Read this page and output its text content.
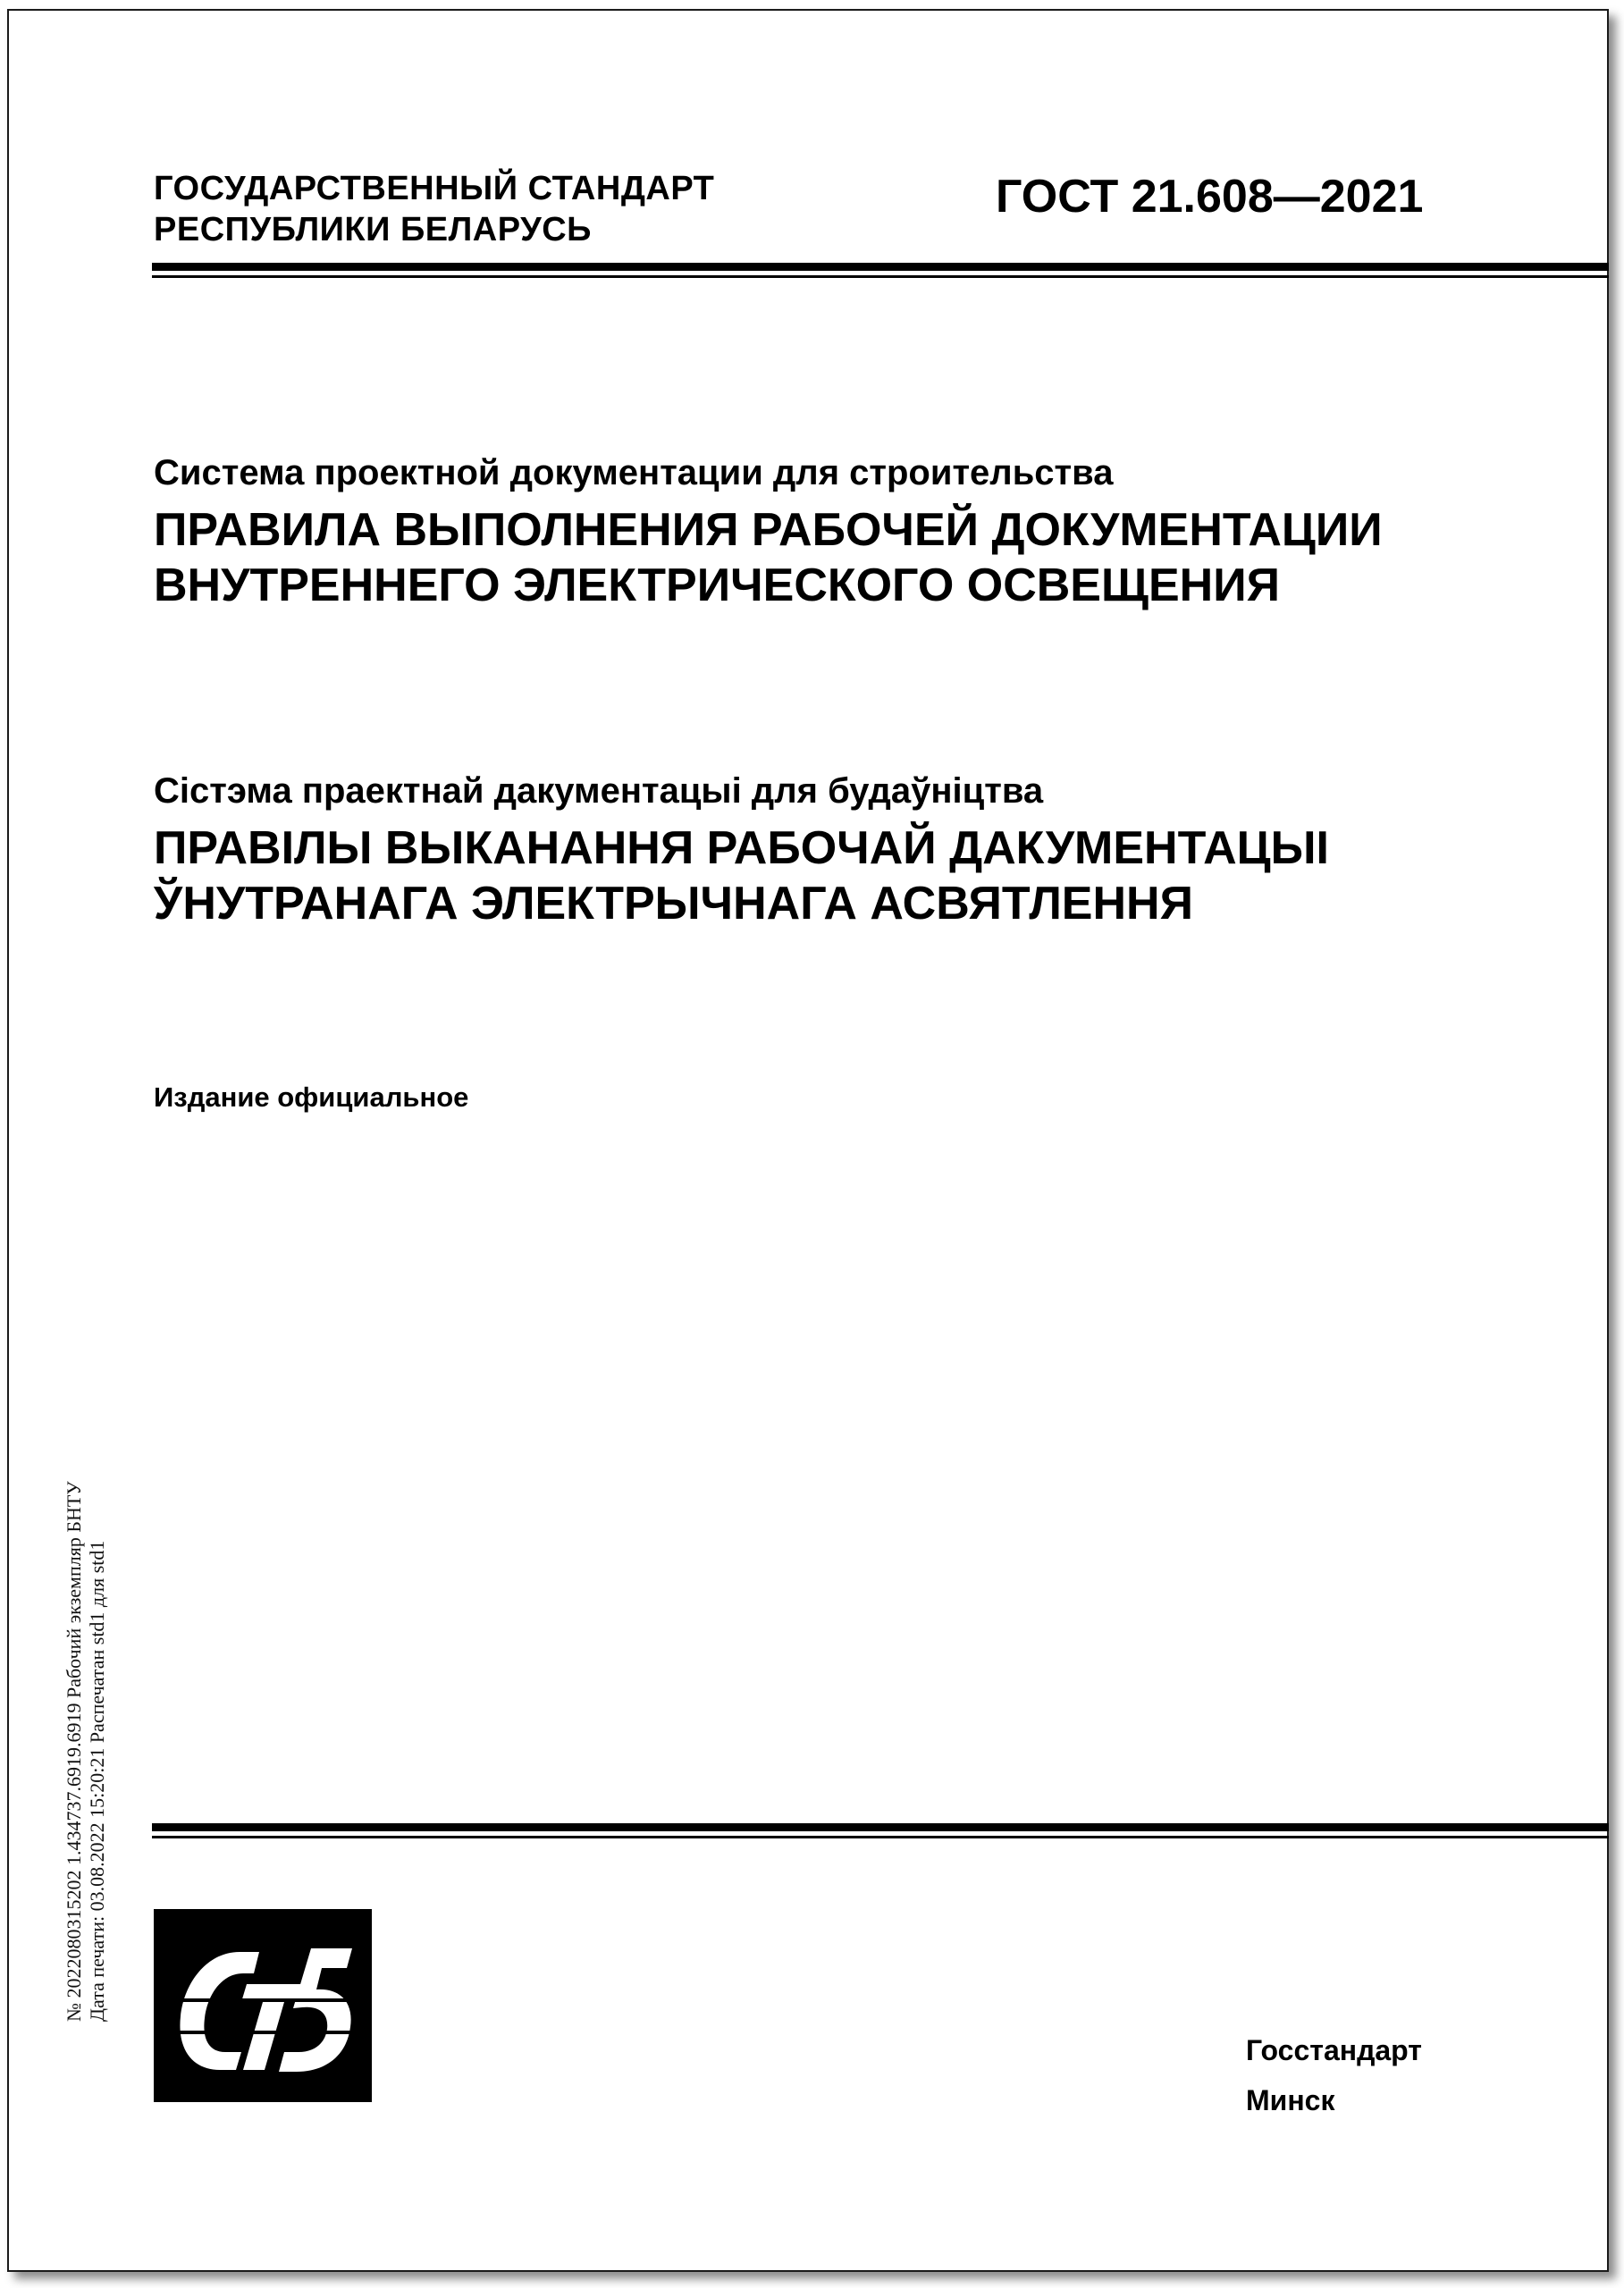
ГОСУДАРСТВЕННЫЙ СТАНДАРТ
РЕСПУБЛИКИ БЕЛАРУСЬ
ГОСТ 21.608—2021
Система проектной документации для строительства
ПРАВИЛА ВЫПОЛНЕНИЯ РАБОЧЕЙ ДОКУМЕНТАЦИИ
ВНУТРЕННЕГО ЭЛЕКТРИЧЕСКОГО ОСВЕЩЕНИЯ
Сістэма праектнай дакументацыі для будаўніцтва
ПРАВІЛЫ ВЫКАНАННЯ РАБОЧАЙ ДАКУМЕНТАЦЫІ
ЎНУТРАНАГА ЭЛЕКТРЫЧНАГА АСВЯТЛЕННЯ
Издание официальное
№ 2022080315202 1.434737.6919.6919 Рабочий экземпляр БНТУ Дата печати: 03.08.2022 15:20:21 Распечатан std1 для std1
Госстандарт
Минск
